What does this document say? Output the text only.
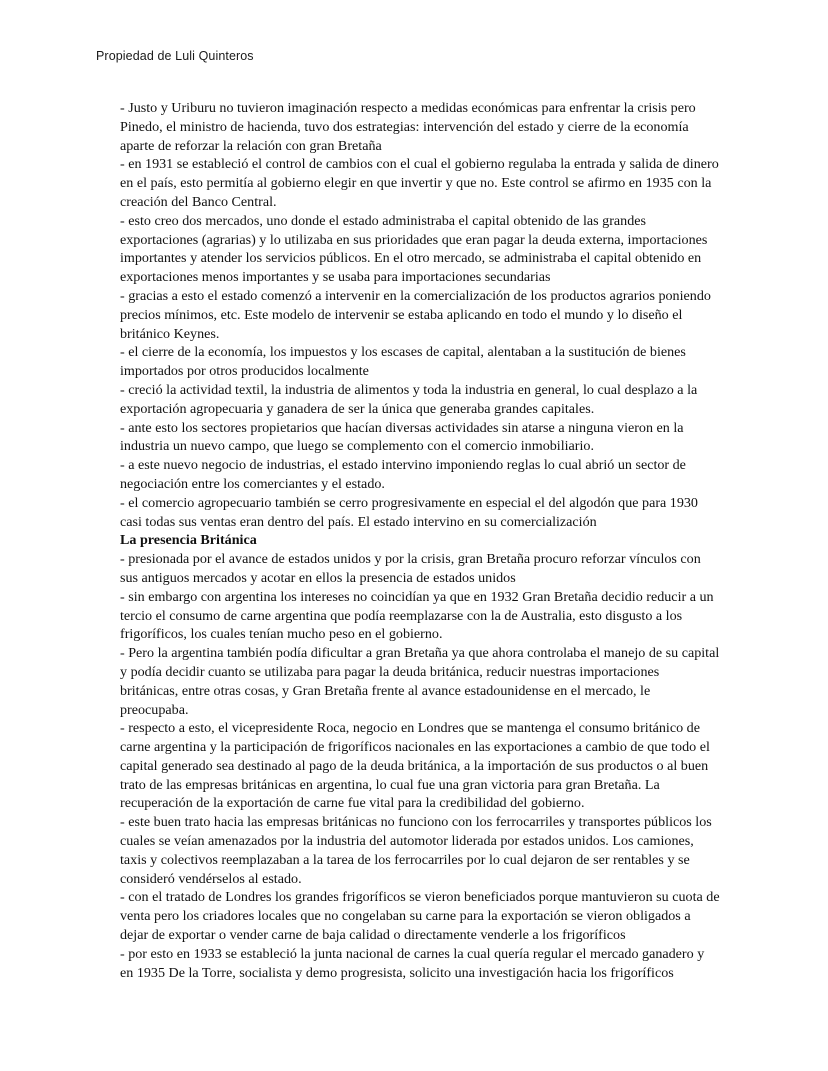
Propiedad de Luli Quinteros

- Justo y Uriburu no tuvieron imaginación respecto a medidas económicas para enfrentar la crisis pero Pinedo, el ministro de hacienda, tuvo dos estrategias: intervención del estado y cierre de la economía aparte de reforzar la relación con gran Bretaña

- en 1931 se estableció el control de cambios con el cual el gobierno regulaba la entrada y salida de dinero en el país, esto permitía al gobierno elegir en que invertir y que no. Este control se afirmo en 1935 con la creación del Banco Central.

- esto creo dos mercados, uno donde el estado administraba el capital obtenido de las grandes exportaciones (agrarias) y lo utilizaba en sus prioridades que eran pagar la deuda externa, importaciones importantes y atender los servicios públicos. En el otro mercado, se administraba el capital obtenido en exportaciones menos importantes y se usaba para importaciones secundarias

- gracias a esto el estado comenzó a intervenir en la comercialización de los productos agrarios poniendo precios mínimos, etc. Este modelo de intervenir se estaba aplicando en todo el mundo y lo diseño el británico Keynes.

- el cierre de la economía, los impuestos y los escases de capital, alentaban a la sustitución de bienes importados por otros producidos localmente

- creció la actividad textil, la industria de alimentos y toda la industria en general, lo cual desplazo a la exportación agropecuaria y ganadera de ser la única que generaba grandes capitales.

- ante esto los sectores propietarios que hacían diversas actividades sin atarse a ninguna vieron en la industria un nuevo campo, que luego se complemento con el comercio inmobiliario.

- a este nuevo negocio de industrias, el estado intervino imponiendo reglas lo cual abrió un sector de negociación entre los comerciantes y el estado.

- el comercio agropecuario también se cerro progresivamente en especial el del algodón que para 1930 casi todas sus ventas eran dentro del país. El estado intervino en su comercialización

La presencia Británica

- presionada por el avance de estados unidos y por la crisis, gran Bretaña procuro reforzar vínculos con sus antiguos mercados y acotar en ellos la presencia de estados unidos

- sin embargo con argentina los intereses no coincidían ya que en 1932 Gran Bretaña decidio reducir a un tercio el consumo de carne argentina que podía reemplazarse con la de Australia, esto disgusto a los frigoríficos, los cuales tenían mucho peso en el gobierno.

- Pero la argentina también podía dificultar a gran Bretaña ya que ahora controlaba el manejo de su capital y podía decidir cuanto se utilizaba para pagar la deuda británica, reducir nuestras importaciones británicas, entre otras cosas, y Gran Bretaña frente al avance estadounidense en el mercado, le preocupaba.

- respecto a esto, el vicepresidente Roca, negocio en Londres que se mantenga el consumo británico de carne argentina y la participación de frigoríficos nacionales en las exportaciones a cambio de que todo el capital generado sea destinado al pago de la deuda británica, a la importación de sus productos o al buen trato de las empresas británicas en argentina, lo cual fue una gran victoria para gran Bretaña. La recuperación de la exportación de carne fue vital para la credibilidad del gobierno.

- este buen trato hacia las empresas británicas no funciono con los ferrocarriles y transportes públicos los cuales se veían amenazados por la industria del automotor liderada por estados unidos. Los camiones, taxis y colectivos reemplazaban a la tarea de los ferrocarriles por lo cual dejaron de ser rentables y se consideró vendérselos al estado.

- con el tratado de Londres los grandes frigoríficos se vieron beneficiados porque mantuvieron su cuota de venta pero los criadores locales que no congelaban su carne para la exportación se vieron obligados a dejar de exportar o vender carne de baja calidad o directamente venderle a los frigoríficos

- por esto en 1933 se estableció la junta nacional de carnes la cual quería regular el mercado ganadero y en 1935 De la Torre, socialista y demo progresista, solicito una investigación hacia los frigoríficos
